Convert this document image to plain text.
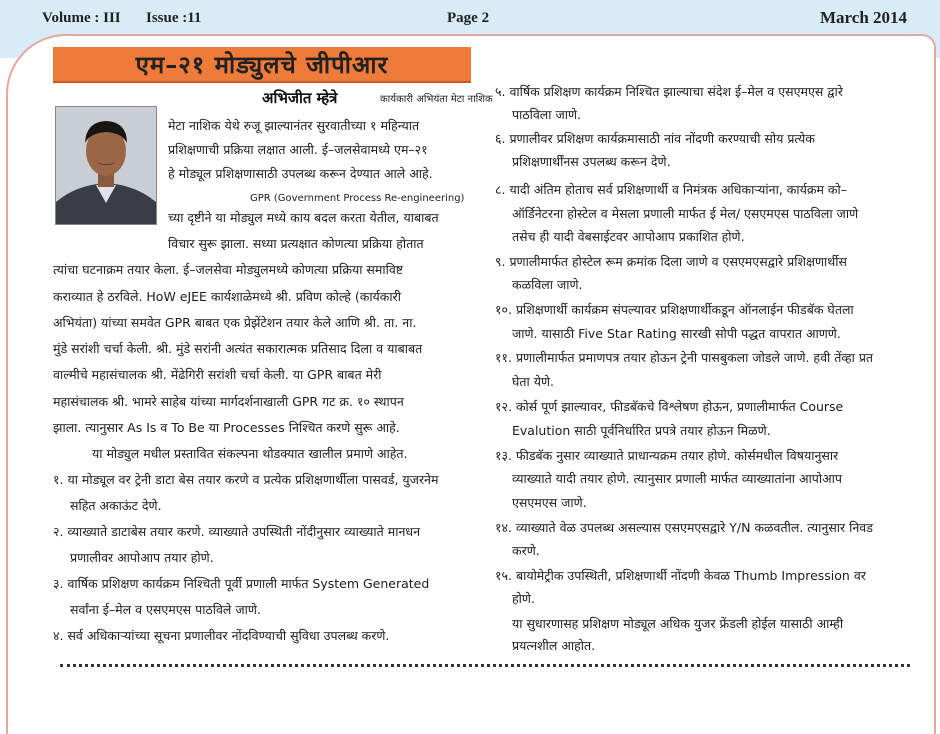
Volume : III Issue :11	Page 2	March 2014
एम–२१ मोड्युलचे जीपीआर
अभिजीत म्हेत्रे	कार्यकारी अभियंता मेटा नाशिक
मेटा नाशिक येथे रुजू झाल्यानंतर सुरवातीच्या १ महिन्यात
प्रशिक्षणाची प्रक्रिया लक्षात आली. ई–जलसेवामध्ये एम–२१
हे मोड्यूल प्रशिक्षणासाठी उपलब्ध करून देण्यात आले आहे.
GPR (Government Process Re-engineering)
च्या दृष्टीने या मोड्युल मध्ये काय बदल करता येतील, याबाबत
विचार सुरू झाला. सध्या प्रत्यक्षात कोणत्या प्रक्रिया होतात
त्यांचा घटनाक्रम तयार केला. ई–जलसेवा मोड्युलमध्ये कोणत्या प्रक्रिया समाविष्ट
कराव्यात हे ठरविले. HoW eJEE कार्यशाळेमध्ये श्री. प्रविण कोल्हे (कार्यकारी
अभियंता) यांच्या समवेत GPR बाबत एक प्रेझेंटेशन तयार केले आणि श्री. ता. ना.
मुंडे सरांशी चर्चा केली. श्री. मुंडे सरांनी अत्यंत सकारात्मक प्रतिसाद दिला व याबाबत
वाल्मीचे महासंचालक श्री. मेंढेगिरी सरांशी चर्चा केली. या GPR बाबत मेरी
महासंचालक श्री. भामरे साहेब यांच्या मार्गदर्शनाखाली GPR गट क्र. १० स्थापन
झाला. त्यानुसार As Is व To Be या Processes निश्चित करणे सुरू आहे.
या मोड्युल मधील प्रस्तावित संकल्पना थोडक्यात खालील प्रमाणे आहेत.
१. या मोड्यूल वर ट्रेनी डाटा बेस तयार करणे व प्रत्येक प्रशिक्षणार्थीला पासवर्ड, युजरनेम
सहित अकाऊंट देणे.
२. व्याख्याते डाटाबेस तयार करणे. व्याख्याते उपस्थिती नोंदीनुसार व्याख्याते मानधन
प्रणालीवर आपोआप तयार होणे.
३. वार्षिक प्रशिक्षण कार्यक्रम निश्चिती पूर्वी प्रणाली मार्फत System Generated
सर्वांना ई–मेल व एसएमएस पाठविले जाणे.
४. सर्व अधिकाऱ्यांच्या सूचना प्रणालीवर नोंदविण्याची सुविधा उपलब्ध करणे.
५. वार्षिक प्रशिक्षण कार्यक्रम निश्चित झाल्याचा संदेश ई–मेल व एसएमएस द्वारे
पाठविला जाणे.
६. प्रणालीवर प्रशिक्षण कार्यक्रमासाठी नांव नोंदणी करण्याची सोय प्रत्येक
प्रशिक्षणार्थींनस उपलब्ध करून देणे.
८. यादी अंतिम होताच सर्व प्रशिक्षणार्थी व निमंत्रक अधिकाऱ्यांना, कार्यक्रम को–
ऑर्डिनेटरना होस्टेल व मेसला प्रणाली मार्फत ई मेल/ एसएमएस पाठविला जाणे
तसेच ही यादी वेबसाईटवर आपोआप प्रकाशित होणे.
९. प्रणालीमार्फत होस्टेल रूम क्रमांक दिला जाणे व एसएमएसद्वारे प्रशिक्षणार्थीस
कळविला जाणे.
१०. प्रशिक्षणार्थी कार्यक्रम संपल्यावर प्रशिक्षणार्थीकडून ऑनलाईन फीडबॅक घेतला
जाणे. यासाठी Five Star Rating सारखी सोपी पद्धत वापरात आणणे.
११. प्रणालीमार्फत प्रमाणपत्र तयार होऊन ट्रेनी पासबुकला जोडले जाणे. हवी तेंव्हा प्रत
घेता येणे.
१२. कोर्स पूर्ण झाल्यावर, फीडबॅकचे विश्लेषण होऊन, प्रणालीमार्फत Course
Evalution साठी पूर्वनिर्धारित प्रपत्रे तयार होऊन मिळणे.
१३. फीडबॅक नुसार व्याख्याते प्राधान्यक्रम तयार होणे. कोर्समधील विषयानुसार
व्याख्याते यादी तयार होणे. त्यानुसार प्रणाली मार्फत व्याख्यातांना आपोआप
एसएमएस जाणे.
१४. व्याख्याते वेळ उपलब्ध असल्यास एसएमएसद्वारे Y/N कळवतील. त्यानुसार निवड
करणे.
१५. बायोमेट्रीक उपस्थिती, प्रशिक्षणार्थी नोंदणी केवळ Thumb Impression वर
होणे.
या सुधारणासह प्रशिक्षण मोड्यूल अधिक युजर फ्रेंडली होईल यासाठी आम्ही
प्रयत्नशील आहोत.
